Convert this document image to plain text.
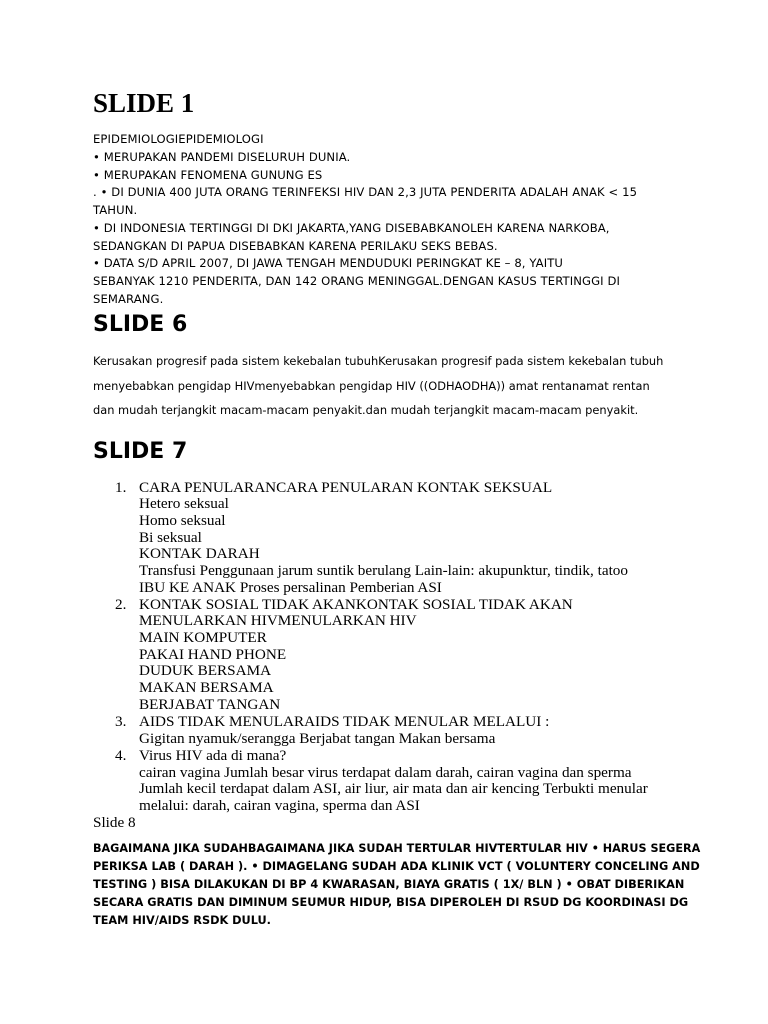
SLIDE 1
EPIDEMIOLOGIEPIDEMIOLOGI
• MERUPAKAN PANDEMI DISELURUH DUNIA.
• MERUPAKAN FENOMENA GUNUNG ES
. • DI DUNIA 400 JUTA ORANG TERINFEKSI HIV DAN 2,3 JUTA PENDERITA ADALAH ANAK < 15
TAHUN.
• DI INDONESIA TERTINGGI DI DKI JAKARTA,YANG DISEBABKANOLEH KARENA NARKOBA,
SEDANGKAN DI PAPUA DISEBABKAN KARENA PERILAKU SEKS BEBAS.
• DATA S/D APRIL 2007, DI JAWA TENGAH MENDUDUKI PERINGKAT KE – 8, YAITU
SEBANYAK 1210 PENDERITA, DAN 142 ORANG MENINGGAL.DENGAN KASUS TERTINGGI DI
SEMARANG.
SLIDE 6
Kerusakan progresif pada sistem kekebalan tubuhKerusakan progresif pada sistem kekebalan tubuh
menyebabkan pengidap HIVmenyebabkan pengidap HIV ((ODHAODHA)) amat rentanamat rentan
dan mudah terjangkit macam-macam penyakit.dan mudah terjangkit macam-macam penyakit.
SLIDE 7
1. CARA PENULARANCARA PENULARAN KONTAK SEKSUAL
Hetero seksual
Homo seksual
Bi seksual
KONTAK DARAH
Transfusi Penggunaan jarum suntik berulang Lain-lain: akupunktur, tindik, tatoo
IBU KE ANAK Proses persalinan Pemberian ASI
2. KONTAK SOSIAL TIDAK AKANKONTAK SOSIAL TIDAK AKAN
MENULARKAN HIVMENULARKAN HIV
MAIN KOMPUTER
PAKAI HAND PHONE
DUDUK BERSAMA
MAKAN BERSAMA
BERJABAT TANGAN
3. AIDS TIDAK MENULARAIDS TIDAK MENULAR MELALUI :
Gigitan nyamuk/serangga Berjabat tangan Makan bersama
4. Virus HIV ada di mana?
cairan vagina Jumlah besar virus terdapat dalam darah, cairan vagina dan sperma
Jumlah kecil terdapat dalam ASI, air liur, air mata dan air kencing Terbukti menular
melalui: darah, cairan vagina, sperma dan ASI
Slide 8
BAGAIMANA JIKA SUDAHBAGAIMANA JIKA SUDAH TERTULAR HIVTERTULAR HIV • HARUS SEGERA
PERIKSA LAB ( DARAH ). • DIMAGELANG SUDAH ADA KLINIK VCT ( VOLUNTERY CONCELING AND
TESTING ) BISA DILAKUKAN DI BP 4 KWARASAN, BIAYA GRATIS ( 1X/ BLN ) • OBAT DIBERIKAN
SECARA GRATIS DAN DIMINUM SEUMUR HIDUP, BISA DIPEROLEH DI RSUD DG KOORDINASI DG
TEAM HIV/AIDS RSDK DULU.
